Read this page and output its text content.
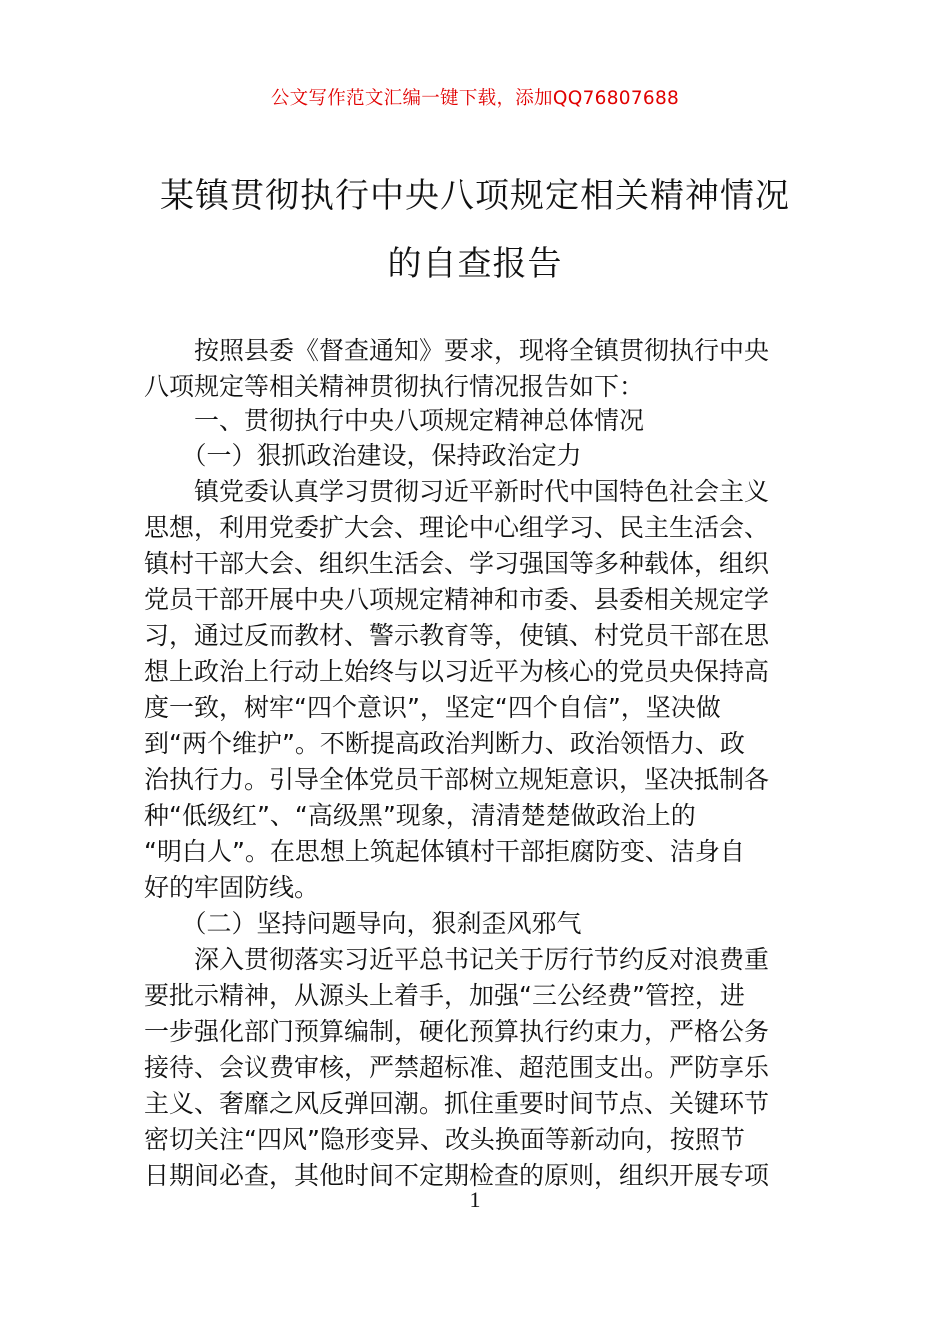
公文写作范文汇编一键下载，添加QQ76807688
某镇贯彻执行中央八项规定相关精神情况
的自查报告
　　按照县委《督查通知》要求，现将全镇贯彻执行中央
八项规定等相关精神贯彻执行情况报告如下：
　　一、贯彻执行中央八项规定精神总体情况
　　（一）狠抓政治建设，保持政治定力
　　镇党委认真学习贯彻习近平新时代中国特色社会主义
思想，利用党委扩大会、理论中心组学习、民主生活会、
镇村干部大会、组织生活会、学习强国等多种载体，组织
党员干部开展中央八项规定精神和市委、县委相关规定学
习，通过反而教材、警示教育等，使镇、村党员干部在思
想上政治上行动上始终与以习近平为核心的党员央保持高
度一致，树牢“四个意识”，坚定“四个自信”，坚决做
到“两个维护”。不断提高政治判断力、政治领悟力、政
治执行力。引导全体党员干部树立规矩意识，坚决抵制各
种“低级红”、“高级黑”现象，清清楚楚做政治上的
“明白人”。在思想上筑起体镇村干部拒腐防变、洁身自
好的牢固防线。
　　（二）坚持问题导向，狠刹歪风邪气
　　深入贯彻落实习近平总书记关于厉行节约反对浪费重
要批示精神，从源头上着手，加强“三公经费”管控，进
一步强化部门预算编制，硬化预算执行约束力，严格公务
接待、会议费审核，严禁超标准、超范围支出。严防享乐
主义、奢靡之风反弹回潮。抓住重要时间节点、关键环节
密切关注“四风”隐形变异、改头换面等新动向，按照节
日期间必查，其他时间不定期检查的原则，组织开展专项
1
